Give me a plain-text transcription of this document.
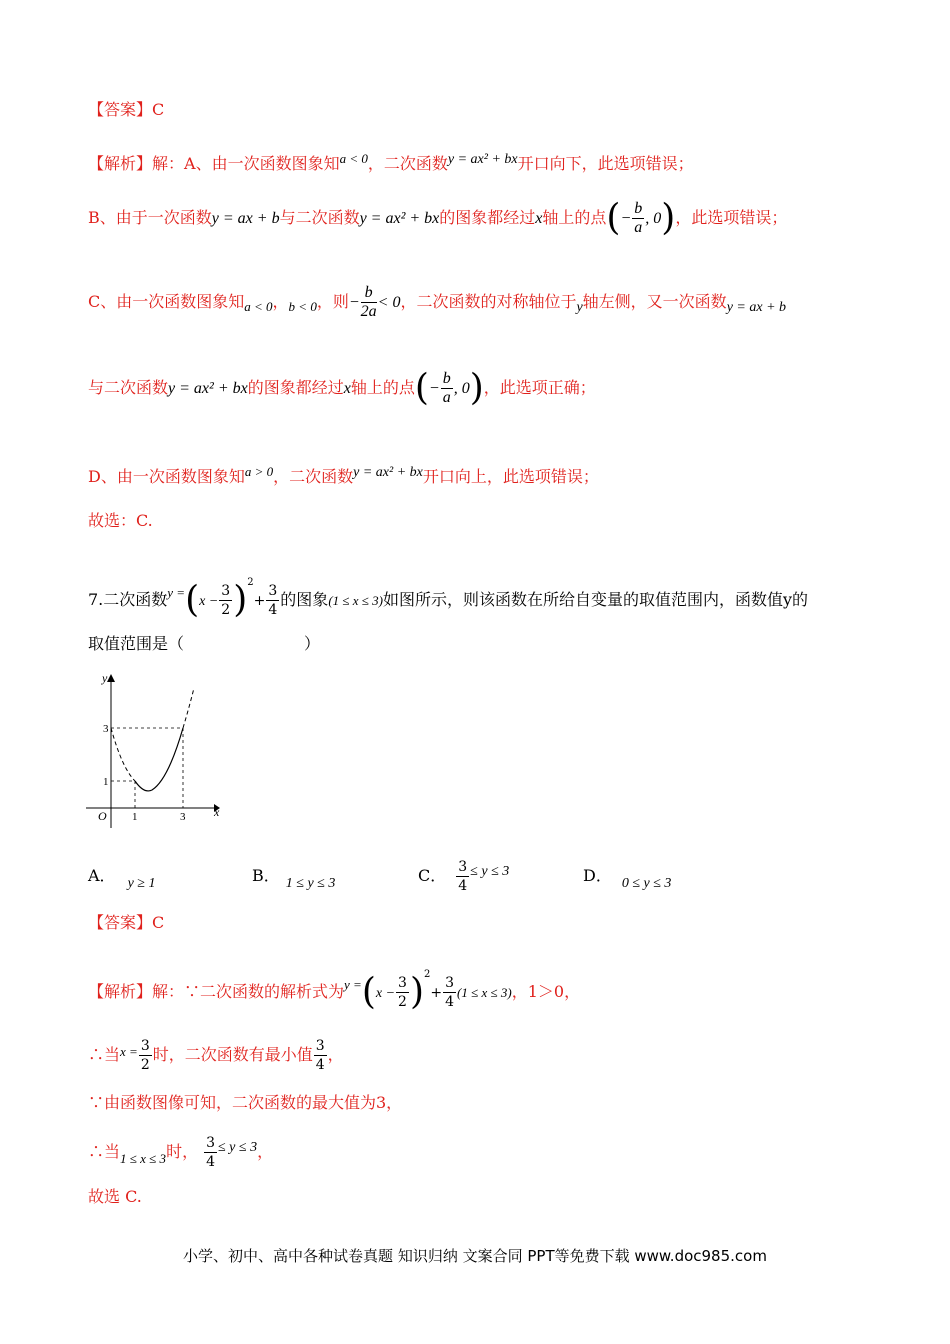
【答案】C
【解析】解：A、由一次函数图象知$^{a < 0}$，二次函数y = ax² + bx开口向下，此选项错误；
B、由于一次函数y = ax + b与二次函数y = ax² + bx的图象都经过x轴上的点(− $\frac{b}{a}$ , 0)，此选项错误；
C、由一次函数图象知$_{a < 0}$，$_{b < 0}$，则− $\frac{b}{2a} < 0$，二次函数的对称轴位于y轴左侧，又一次函数y = ax + b
与二次函数y = ax² + bx的图象都经过x轴上的点(− $\frac{b}{a}$ , 0)，此选项正确；
D、由一次函数图象知$^{a > 0}$，二次函数y = ax² + bx开口向上，此选项错误；
故选：C.
7.二次函数$^{y =}(x - \frac{3}{2} )^2+ \frac{3}{4}$ 的图象(1 ≤ x ≤ 3)如图所示，则该函数在所给自变量的取值范围内，函数值y的
取值范围是（	）
y
x
O 1	3
1
3
A． y ≥ 1	B． 1 ≤ y ≤ 3	C． $\frac{3}{4} \le y \le 3$	D． 0 ≤ y ≤ 3
【答案】C
【解析】解：∵二次函数的解析式为$^{y =}(x - \frac{3}{2} )^2+ \frac{3}{4} (1 \le x \le 3)$，1＞0，
∴当$^{x =} \frac{3}{2}$ 时，二次函数有最小值 $\frac{3}{4}$ ，
∵由函数图像可知，二次函数的最大值为3，
∴当$_{1 \le x \le 3}$时， $\frac{3}{4} \le y \le 3$，
故选 C.
小学、初中、高中各种试卷真题 知识归纳 文案合同 PPT等免费下载 www.doc985.com
